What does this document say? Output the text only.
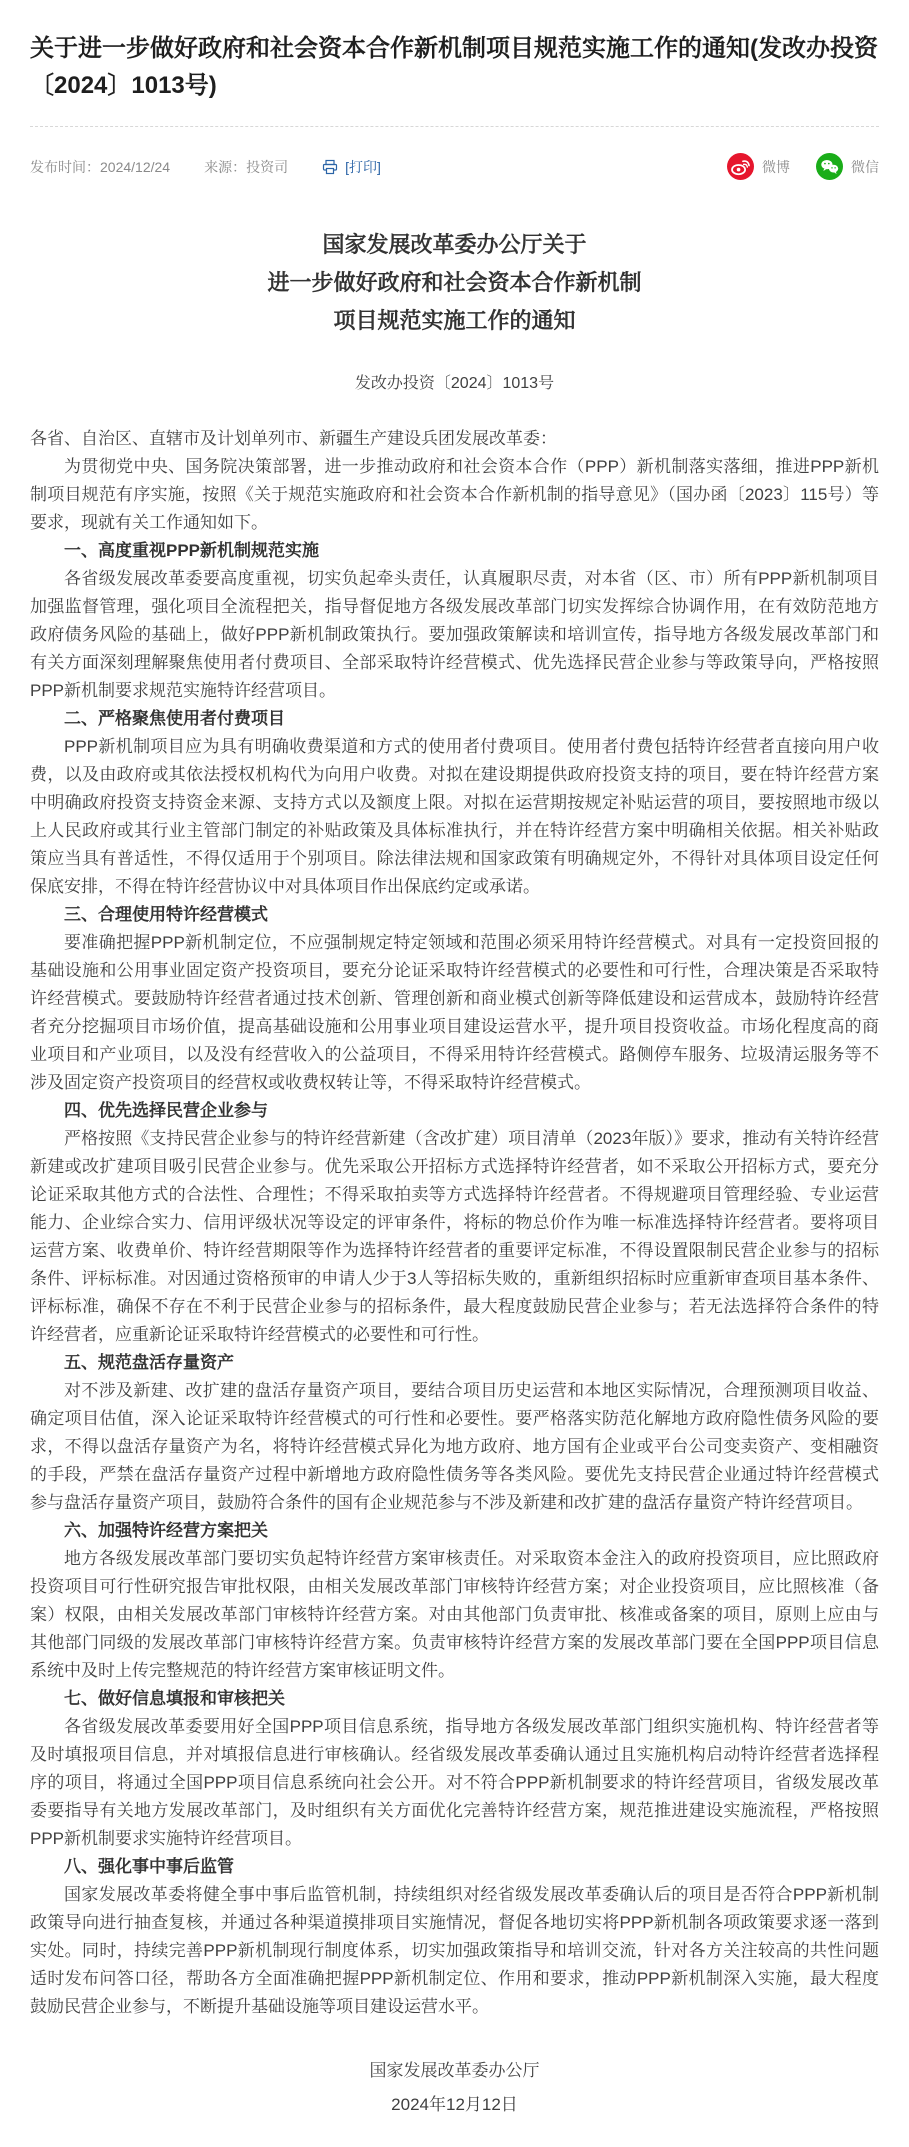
关于进一步做好政府和社会资本合作新机制项目规范实施工作的通知(发改办投资〔2024〕1013号)
发布时间：2024/12/24 来源：投资司	[打印]	微博	微信
国家发展改革委办公厅关于
进一步做好政府和社会资本合作新机制
项目规范实施工作的通知
发改办投资〔2024〕1013号

各省、自治区、直辖市及计划单列市、新疆生产建设兵团发展改革委：

为贯彻党中央、国务院决策部署，进一步推动政府和社会资本合作（PPP）新机制落实落细，推进PPP新机制项目规范有序实施，按照《关于规范实施政府和社会资本合作新机制的指导意见》（国办函〔2023〕115号）等要求，现就有关工作通知如下。

一、高度重视PPP新机制规范实施

各省级发展改革委要高度重视，切实负起牵头责任，认真履职尽责，对本省（区、市）所有PPP新机制项目加强监督管理，强化项目全流程把关，指导督促地方各级发展改革部门切实发挥综合协调作用，在有效防范地方政府债务风险的基础上，做好PPP新机制政策执行。要加强政策解读和培训宣传，指导地方各级发展改革部门和有关方面深刻理解聚焦使用者付费项目、全部采取特许经营模式、优先选择民营企业参与等政策导向，严格按照PPP新机制要求规范实施特许经营项目。

二、严格聚焦使用者付费项目

PPP新机制项目应为具有明确收费渠道和方式的使用者付费项目。使用者付费包括特许经营者直接向用户收费，以及由政府或其依法授权机构代为向用户收费。对拟在建设期提供政府投资支持的项目，要在特许经营方案中明确政府投资支持资金来源、支持方式以及额度上限。对拟在运营期按规定补贴运营的项目，要按照地市级以上人民政府或其行业主管部门制定的补贴政策及具体标准执行，并在特许经营方案中明确相关依据。相关补贴政策应当具有普适性，不得仅适用于个别项目。除法律法规和国家政策有明确规定外，不得针对具体项目设定任何保底安排，不得在特许经营协议中对具体项目作出保底约定或承诺。

三、合理使用特许经营模式

要准确把握PPP新机制定位，不应强制规定特定领域和范围必须采用特许经营模式。对具有一定投资回报的基础设施和公用事业固定资产投资项目，要充分论证采取特许经营模式的必要性和可行性，合理决策是否采取特许经营模式。要鼓励特许经营者通过技术创新、管理创新和商业模式创新等降低建设和运营成本，鼓励特许经营者充分挖掘项目市场价值，提高基础设施和公用事业项目建设运营水平，提升项目投资收益。市场化程度高的商业项目和产业项目，以及没有经营收入的公益项目，不得采用特许经营模式。路侧停车服务、垃圾清运服务等不涉及固定资产投资项目的经营权或收费权转让等，不得采取特许经营模式。

四、优先选择民营企业参与

严格按照《支持民营企业参与的特许经营新建（含改扩建）项目清单（2023年版）》要求，推动有关特许经营新建或改扩建项目吸引民营企业参与。优先采取公开招标方式选择特许经营者，如不采取公开招标方式，要充分论证采取其他方式的合法性、合理性；不得采取拍卖等方式选择特许经营者。不得规避项目管理经验、专业运营能力、企业综合实力、信用评级状况等设定的评审条件，将标的物总价作为唯一标准选择特许经营者。要将项目运营方案、收费单价、特许经营期限等作为选择特许经营者的重要评定标准，不得设置限制民营企业参与的招标条件、评标标准。对因通过资格预审的申请人少于3人等招标失败的，重新组织招标时应重新审查项目基本条件、评标标准，确保不存在不利于民营企业参与的招标条件，最大程度鼓励民营企业参与；若无法选择符合条件的特许经营者，应重新论证采取特许经营模式的必要性和可行性。

五、规范盘活存量资产

对不涉及新建、改扩建的盘活存量资产项目，要结合项目历史运营和本地区实际情况，合理预测项目收益、确定项目估值，深入论证采取特许经营模式的可行性和必要性。要严格落实防范化解地方政府隐性债务风险的要求，不得以盘活存量资产为名，将特许经营模式异化为地方政府、地方国有企业或平台公司变卖资产、变相融资的手段，严禁在盘活存量资产过程中新增地方政府隐性债务等各类风险。要优先支持民营企业通过特许经营模式参与盘活存量资产项目，鼓励符合条件的国有企业规范参与不涉及新建和改扩建的盘活存量资产特许经营项目。

六、加强特许经营方案把关

地方各级发展改革部门要切实负起特许经营方案审核责任。对采取资本金注入的政府投资项目，应比照政府投资项目可行性研究报告审批权限，由相关发展改革部门审核特许经营方案；对企业投资项目，应比照核准（备案）权限，由相关发展改革部门审核特许经营方案。对由其他部门负责审批、核准或备案的项目，原则上应由与其他部门同级的发展改革部门审核特许经营方案。负责审核特许经营方案的发展改革部门要在全国PPP项目信息系统中及时上传完整规范的特许经营方案审核证明文件。

七、做好信息填报和审核把关

各省级发展改革委要用好全国PPP项目信息系统，指导地方各级发展改革部门组织实施机构、特许经营者等及时填报项目信息，并对填报信息进行审核确认。经省级发展改革委确认通过且实施机构启动特许经营者选择程序的项目，将通过全国PPP项目信息系统向社会公开。对不符合PPP新机制要求的特许经营项目，省级发展改革委要指导有关地方发展改革部门，及时组织有关方面优化完善特许经营方案，规范推进建设实施流程，严格按照PPP新机制要求实施特许经营项目。

八、强化事中事后监管

国家发展改革委将健全事中事后监管机制，持续组织对经省级发展改革委确认后的项目是否符合PPP新机制政策导向进行抽查复核，并通过各种渠道摸排项目实施情况，督促各地切实将PPP新机制各项政策要求逐一落到实处。同时，持续完善PPP新机制现行制度体系，切实加强政策指导和培训交流，针对各方关注较高的共性问题适时发布问答口径，帮助各方全面准确把握PPP新机制定位、作用和要求，推动PPP新机制深入实施，最大程度鼓励民营企业参与，不断提升基础设施等项目建设运营水平。

国家发展改革委办公厅
2024年12月12日
